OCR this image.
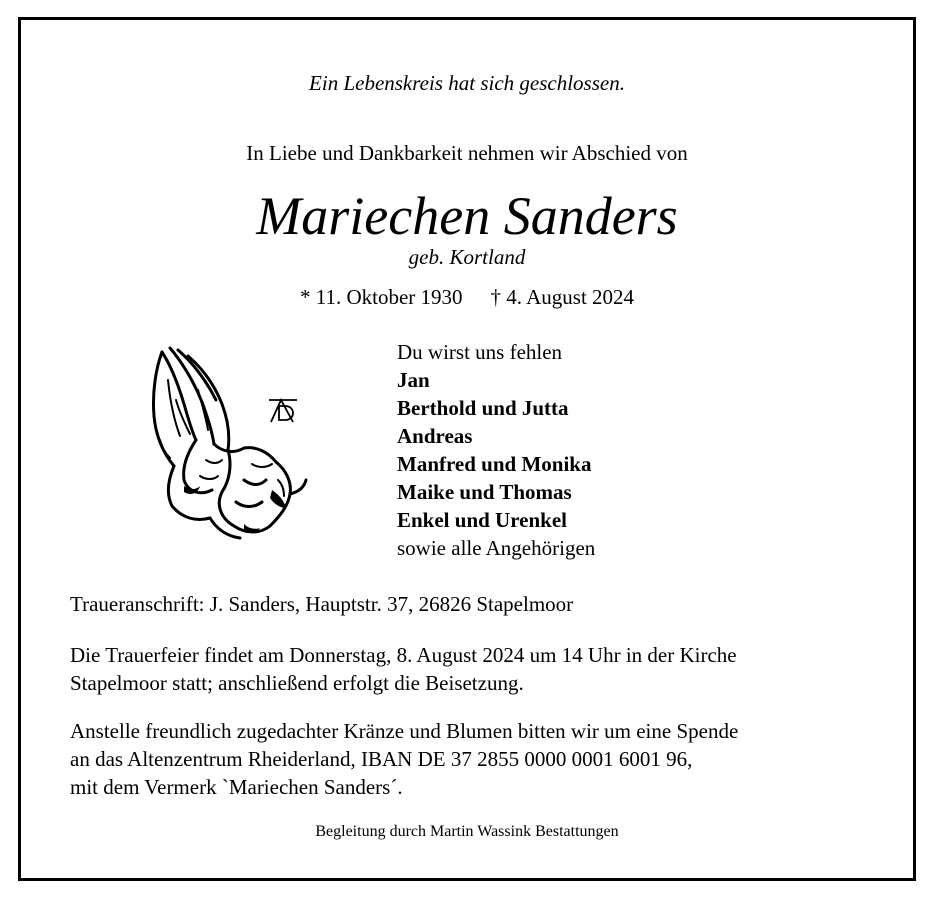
Ein Lebenskreis hat sich geschlossen.
In Liebe und Dankbarkeit nehmen wir Abschied von
Mariechen Sanders
geb. Kortland
* 11. Oktober 1930 † 4. August 2024
Du wirst uns fehlen
Jan
Berthold und Jutta
Andreas
Manfred und Monika
Maike und Thomas
Enkel und Urenkel
sowie alle Angehörigen
Traueranschrift: J. Sanders, Hauptstr. 37, 26826 Stapelmoor
Die Trauerfeier findet am Donnerstag, 8. August 2024 um 14 Uhr in der Kirche
Stapelmoor statt; anschließend erfolgt die Beisetzung.
Anstelle freundlich zugedachter Kränze und Blumen bitten wir um eine Spende
an das Altenzentrum Rheiderland, IBAN DE 37 2855 0000 0001 6001 96,
mit dem Vermerk `Mariechen Sanders´.
Begleitung durch Martin Wassink Bestattungen
